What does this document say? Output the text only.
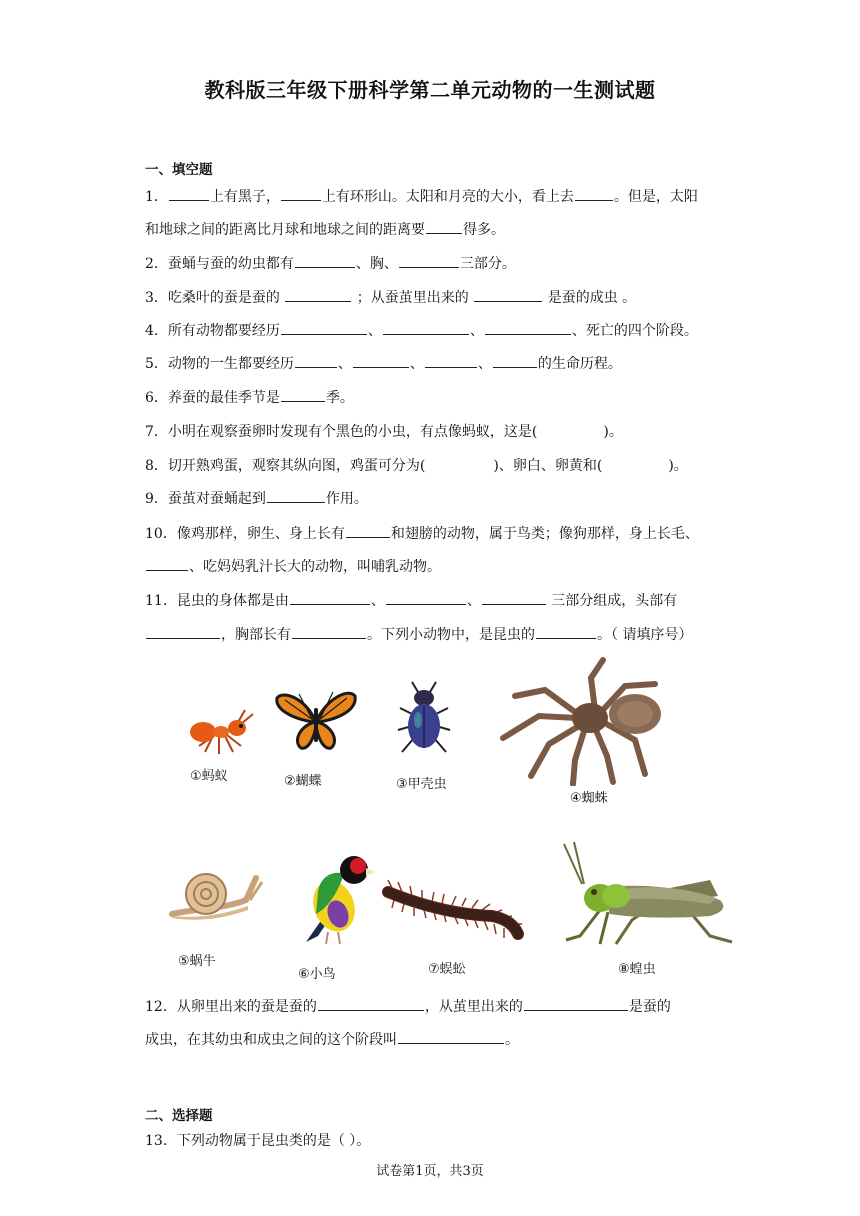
教科版三年级下册科学第二单元动物的一生测试题
一、填空题
1．	上有黑子，	上有环形山。太阳和月亮的大小，看上去	。但是，太阳
和地球之间的距离比月球和地球之间的距离要	得多。
2．蚕蛹与蚕的幼虫都有	、胸、	三部分。
3．吃桑叶的蚕是蚕的	；从蚕茧里出来的	是蚕的成虫 。
4．所有动物都要经历	、	、	、死亡的四个阶段。
5．动物的一生都要经历	、	、	、	的生命历程。
6．养蚕的最佳季节是	季。
7．小明在观察蚕卵时发现有个黑色的小虫，有点像蚂蚁，这是(	)。
8．切开熟鸡蛋，观察其纵向图，鸡蛋可分为(	)、卵白、卵黄和(	)。
9．蚕茧对蚕蛹起到	作用。
10．像鸡那样，卵生、身上长有	和翅膀的动物，属于鸟类；像狗那样，身上长毛、
、吃妈妈乳汁长大的动物，叫哺乳动物。
11．昆虫的身体都是由	、	、	三部分组成，头部有
，胸部长有	。下列小动物中，是昆虫的	。（ 请填序号）
①蚂蚁	②蝴蝶	③甲壳虫
④蜘蛛
⑤蜗牛
⑥小鸟	⑦蜈蚣	⑧蝗虫
12．从卵里出来的蚕是蚕的	，从茧里出来的	是蚕的
成虫，在其幼虫和成虫之间的这个阶段叫	。
二、选择题
13．下列动物属于昆虫类的是（ ）。
试卷第1页，共3页
